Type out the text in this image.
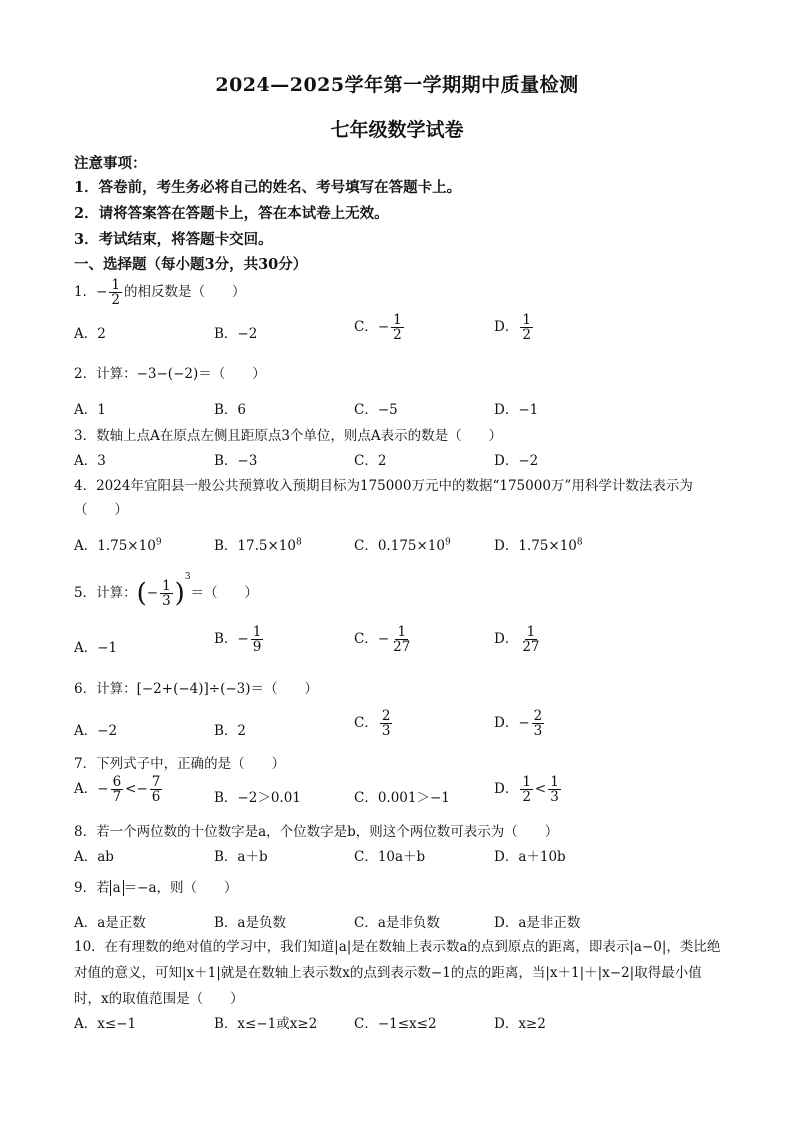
2024—2025学年第一学期期中质量检测
七年级数学试卷
注意事项：
1．答卷前，考生务必将自己的姓名、考号填写在答题卡上。
2．请将答案答在答题卡上，答在本试卷上无效。
3．考试结束，将答题卡交回。
一、选择题（每小题3分，共30分）
1．− $\frac{1}{2}$ 的相反数是（　　）
A．2	B．−2	C．− $\frac{1}{2}$	D． $\frac{1}{2}$
2．计算：−3−(−2)＝（　　）
A．1	B．6	C．−5	D．−1
3．数轴上点A在原点左侧且距原点3个单位，则点A表示的数是（　　）
A．3	B．−3	C．2	D．−2
4．2024年宜阳县一般公共预算收入预期目标为175000万元中的数据“175000万”用科学计数法表示为
（　　）
A．$1.75\times 10^9$	B．$17.5\times 10^8$	C．$0.175\times 10^9$	D．$1.75\times 10^8$
5．计算：(− $\frac{1}{3} )^3=$（　　）
A．−1
B．− $\frac{1}{9}$	C．− $\frac{1}{27}$	D． $\frac{1}{27}$
6．计算：[−2+(−4)]÷(−3)＝（　　）
A．−2	B．2	C． $\frac{2}{3}$	D．− $\frac{2}{3}$
7．下列式子中，正确的是（　　）
A．− $\frac{6}{7} <- \frac{7}{6}$	B．−2＞0.01	C．0.001＞−1
D． $\frac{1}{2} < \frac{1}{3}$
8．若一个两位数的十位数字是a，个位数字是b，则这个两位数可表示为（　　）
A．ab	B．a＋b	C．10a＋b	D．a＋10b
9．若 a ＝−a，则（　　）
A．a是正数	B．a是负数	C．a是非负数	D．a是非正数
10．在有理数的绝对值的学习中，我们知道|a|是在数轴上表示数a的点到原点的距离，即表示|a−0|，类比绝对值的意义，可知|x＋1|就是在数轴上表示数x的点到表示数−1的点的距离，当|x＋1|＋|x−2|取得最小值时，x的取值范围是（　　）
A．x≤−1	B．x≤−1或x≥2	C．−1≤x≤2	D．x≥2
